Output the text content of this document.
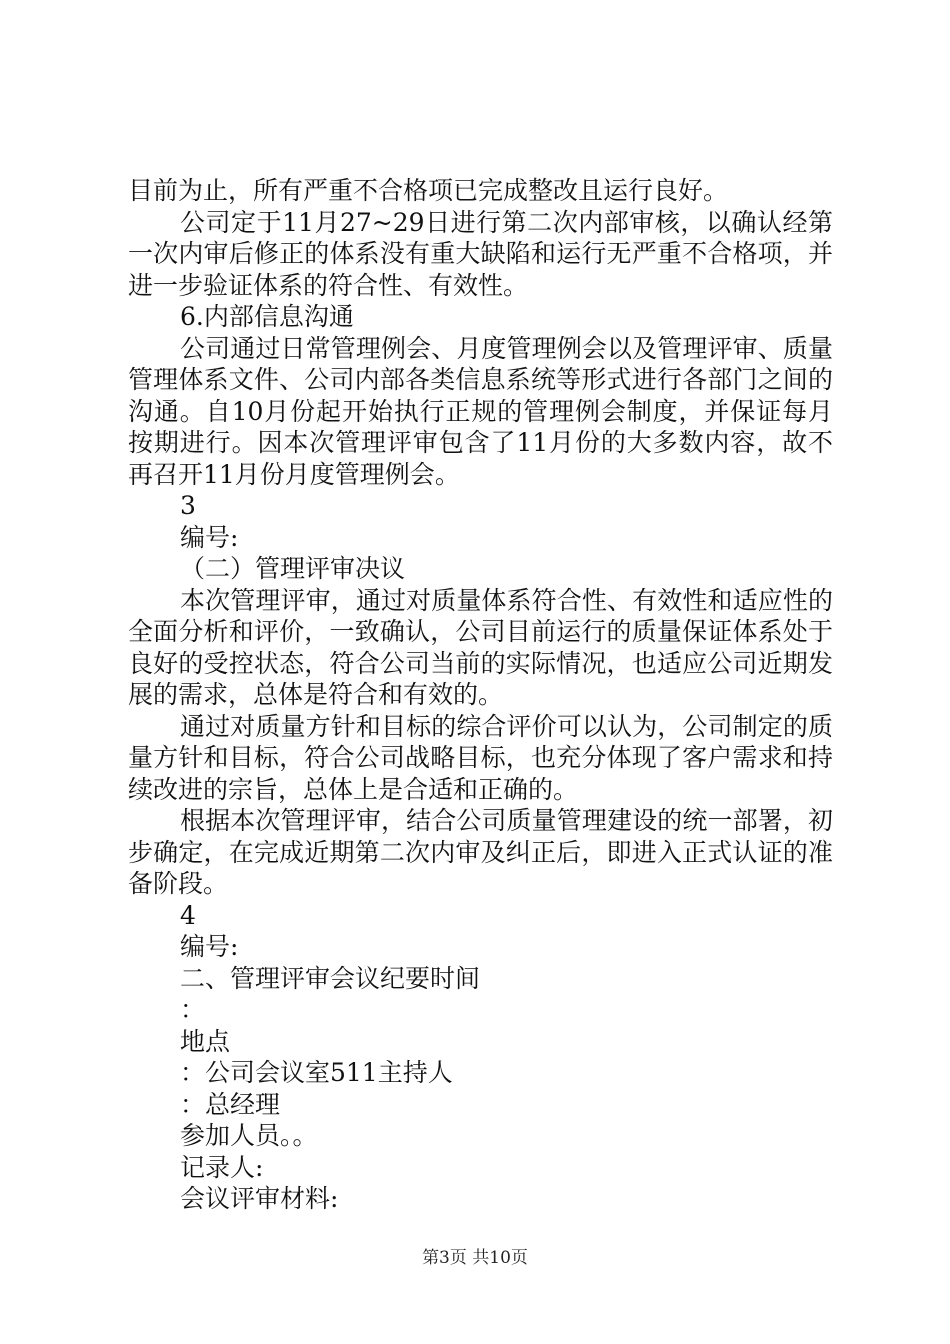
目前为止，所有严重不合格项已完成整改且运行良好。

公司定于11月27~29日进行第二次内部审核，以确认经第一次内审后修正的体系没有重大缺陷和运行无严重不合格项，并进一步验证体系的符合性、有效性。

6.内部信息沟通

公司通过日常管理例会、月度管理例会以及管理评审、质量管理体系文件、公司内部各类信息系统等形式进行各部门之间的沟通。自10月份起开始执行正规的管理例会制度，并保证每月按期进行。因本次管理评审包含了11月份的大多数内容，故不再召开11月份月度管理例会。

3

编号:

（二）管理评审决议

本次管理评审，通过对质量体系符合性、有效性和适应性的全面分析和评价，一致确认，公司目前运行的质量保证体系处于良好的受控状态，符合公司当前的实际情况，也适应公司近期发展的需求，总体是符合和有效的。

通过对质量方针和目标的综合评价可以认为，公司制定的质量方针和目标，符合公司战略目标，也充分体现了客户需求和持续改进的宗旨，总体上是合适和正确的。

根据本次管理评审，结合公司质量管理建设的统一部署，初步确定，在完成近期第二次内审及纠正后，即进入正式认证的准备阶段。

4

编号:

二、管理评审会议纪要时间

：

地点

：公司会议室511主持人

：总经理

参加人员。。

记录人:

会议评审材料:

第3页 共10页
